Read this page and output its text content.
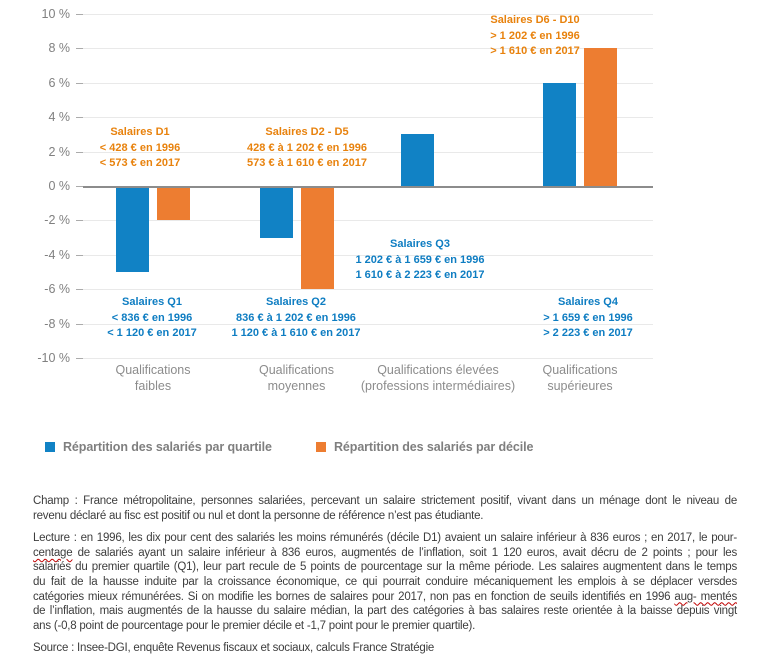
10 %
8 %
6 %
4 %
2 %
0 %
-2 %
-4 %
-6 %
-8 %
-10 %
Salaires D1
< 428 € en 1996
< 573 € en 2017
Salaires D2 - D5
428 € à 1 202 € en 1996
573 € à 1 610 € en 2017
Salaires D6 - D10
> 1 202 € en 1996
> 1 610 € en 2017
Salaires Q1
< 836 € en 1996
< 1 120 € en 2017
Salaires Q2
836 € à 1 202 € en 1996
1 120 € à 1 610 € en 2017
Salaires Q3
1 202 € à 1 659 € en 1996
1 610 € à 2 223 € en 2017
Salaires Q4
> 1 659 € en 1996
> 2 223 € en 2017
Qualifications
faibles
Qualifications
moyennes
Qualifications élevées
(professions intermédiaires)
Qualifications
supérieures
Répartition des salariés par quartile	Répartition des salariés par décile
Champ : France métropolitaine, personnes salariées, percevant un salaire strictement positif, vivant dans un ménage dont le niveau de
revenu déclaré au fisc est positif ou nul et dont la personne de référence n’est pas étudiante.
Lecture : en 1996, les dix pour cent des salariés les moins rémunérés (décile D1) avaient un salaire inférieur à 836 euros ; en 2017, le pour-
centage de salariés ayant un salaire inférieur à 836 euros, augmentés de l’inflation, soit 1 120 euros, avait décru de 2 points ; pour les
salariés du premier quartile (Q1), leur part recule de 5 points de pourcentage sur la même période. Les salaires augmentent dans le temps
du fait de la hausse induite par la croissance économique, ce qui pourrait conduire mécaniquement les emplois à se déplacer versdes
catégories mieux rémunérées. Si on modifie les bornes de salaires pour 2017, non pas en fonction de seuils identifiés en 1996 aug- mentés
de l’inflation, mais augmentés de la hausse du salaire médian, la part des catégories à bas salaires reste orientée à la baisse depuis vingt
ans (-0,8 point de pourcentage pour le premier décile et -1,7 point pour le premier quartile).
Source : Insee-DGI, enquête Revenus fiscaux et sociaux, calculs France Stratégie
